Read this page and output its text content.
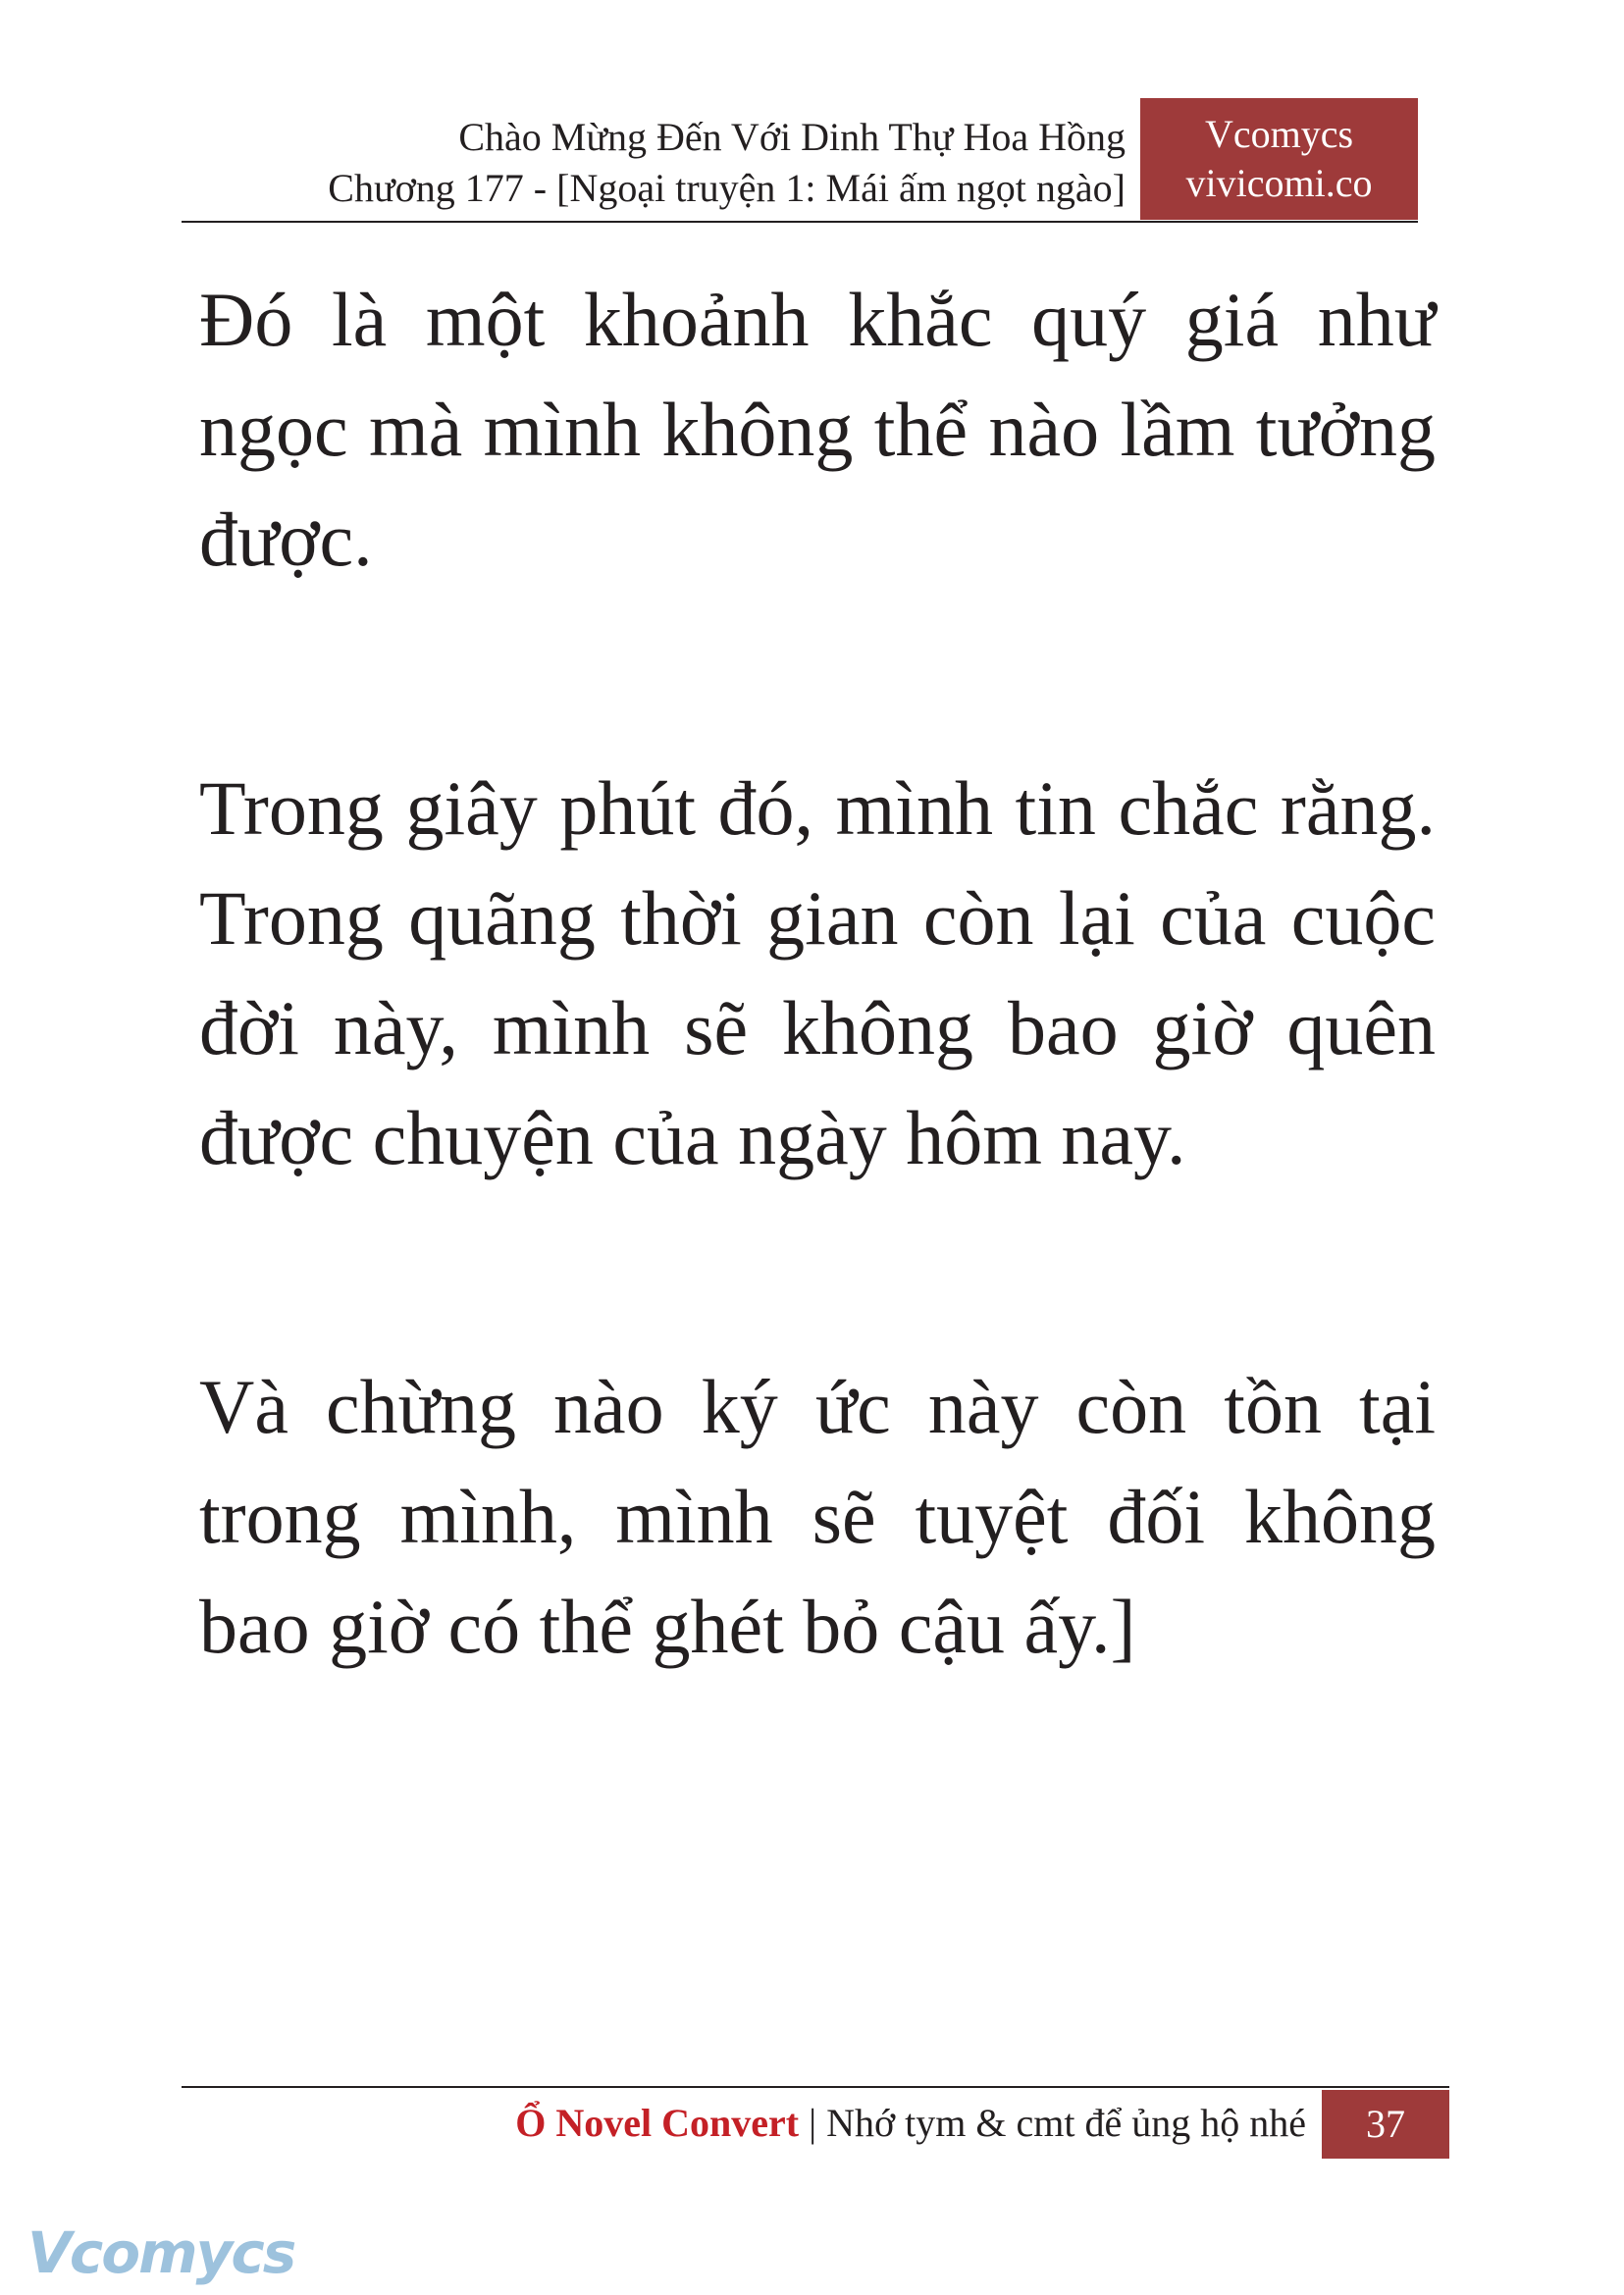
Chào Mừng Đến Với Dinh Thự Hoa Hồng
Chương 177 - [Ngoại truyện 1: Mái ấm ngọt ngào]
Vcomycs
vivicomi.co

Đó là một khoảnh khắc quý giá như ngọc mà mình không thể nào lầm tưởng được.

Trong giây phút đó, mình tin chắc rằng. Trong quãng thời gian còn lại của cuộc đời này, mình sẽ không bao giờ quên được chuyện của ngày hôm nay.

Và chừng nào ký ức này còn tồn tại trong mình, mình sẽ tuyệt đối không bao giờ có thể ghét bỏ cậu ấy.]

Ổ Novel Convert | Nhớ tym & cmt để ủng hộ nhé	37
Vcomycs
